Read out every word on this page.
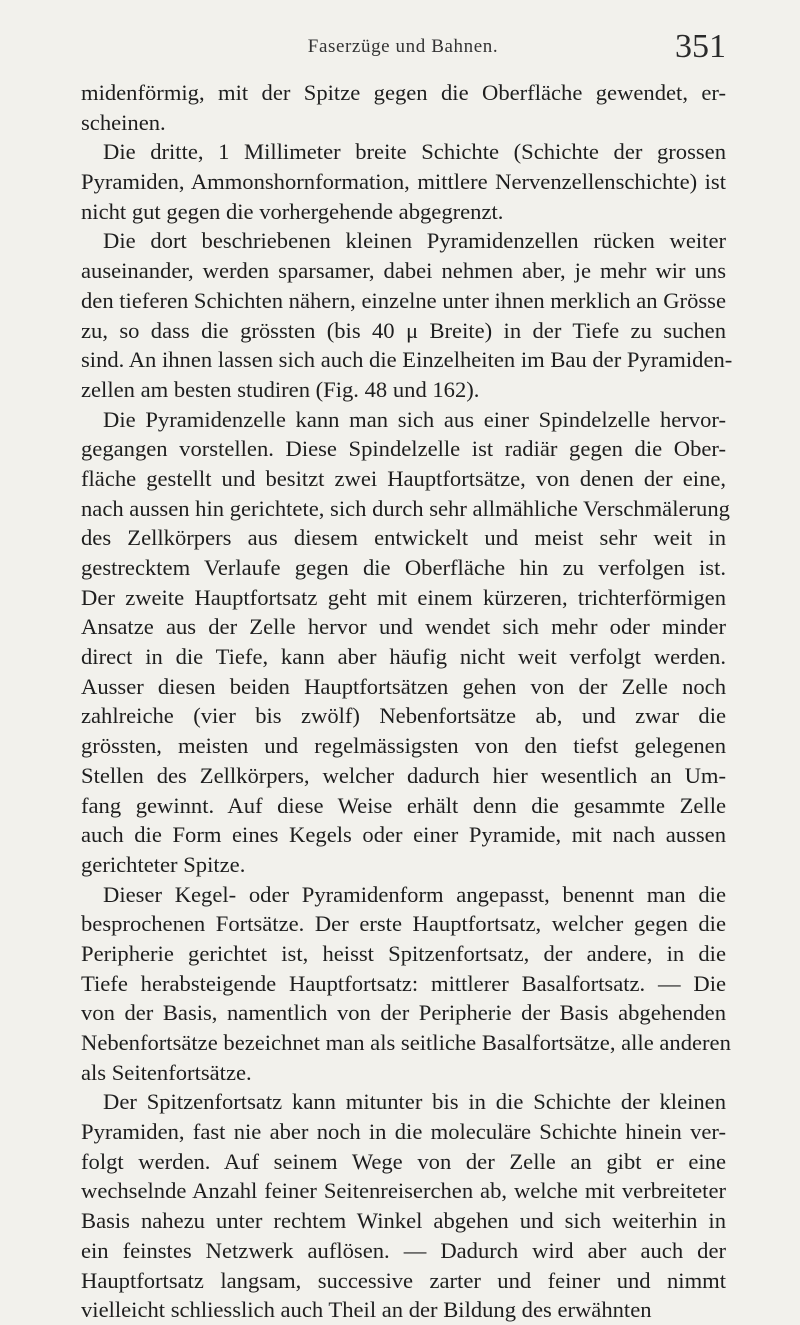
Faserzüge und Bahnen.	351
midenförmig, mit der Spitze gegen die Oberfläche gewendet, er-
scheinen.
Die dritte, 1 Millimeter breite Schichte (Schichte der grossen
Pyramiden, Ammonshornformation, mittlere Nervenzellenschichte) ist
nicht gut gegen die vorhergehende abgegrenzt.
Die dort beschriebenen kleinen Pyramidenzellen rücken weiter
auseinander, werden sparsamer, dabei nehmen aber, je mehr wir uns
den tieferen Schichten nähern, einzelne unter ihnen merklich an Grösse
zu, so dass die grössten (bis 40 μ Breite) in der Tiefe zu suchen
sind. An ihnen lassen sich auch die Einzelheiten im Bau der Pyramiden-
zellen am besten studiren (Fig. 48 und 162).
Die Pyramidenzelle kann man sich aus einer Spindelzelle hervor-
gegangen vorstellen. Diese Spindelzelle ist radiär gegen die Ober-
fläche gestellt und besitzt zwei Hauptfortsätze, von denen der eine,
nach aussen hin gerichtete, sich durch sehr allmähliche Verschmälerung
des Zellkörpers aus diesem entwickelt und meist sehr weit in
gestrecktem Verlaufe gegen die Oberfläche hin zu verfolgen ist.
Der zweite Hauptfortsatz geht mit einem kürzeren, trichterförmigen
Ansatze aus der Zelle hervor und wendet sich mehr oder minder
direct in die Tiefe, kann aber häufig nicht weit verfolgt werden.
Ausser diesen beiden Hauptfortsätzen gehen von der Zelle noch
zahlreiche (vier bis zwölf) Nebenfortsätze ab, und zwar die
grössten, meisten und regelmässigsten von den tiefst gelegenen
Stellen des Zellkörpers, welcher dadurch hier wesentlich an Um-
fang gewinnt. Auf diese Weise erhält denn die gesammte Zelle
auch die Form eines Kegels oder einer Pyramide, mit nach aussen
gerichteter Spitze.
Dieser Kegel- oder Pyramidenform angepasst, benennt man die
besprochenen Fortsätze. Der erste Hauptfortsatz, welcher gegen die
Peripherie gerichtet ist, heisst Spitzenfortsatz, der andere, in die
Tiefe herabsteigende Hauptfortsatz: mittlerer Basalfortsatz. — Die
von der Basis, namentlich von der Peripherie der Basis abgehenden
Nebenfortsätze bezeichnet man als seitliche Basalfortsätze, alle anderen
als Seitenfortsätze.
Der Spitzenfortsatz kann mitunter bis in die Schichte der kleinen
Pyramiden, fast nie aber noch in die moleculäre Schichte hinein ver-
folgt werden. Auf seinem Wege von der Zelle an gibt er eine
wechselnde Anzahl feiner Seitenreiserchen ab, welche mit verbreiteter
Basis nahezu unter rechtem Winkel abgehen und sich weiterhin in
ein feinstes Netzwerk auflösen. — Dadurch wird aber auch der
Hauptfortsatz langsam, successive zarter und feiner und nimmt
vielleicht schliesslich auch Theil an der Bildung des erwähnten
